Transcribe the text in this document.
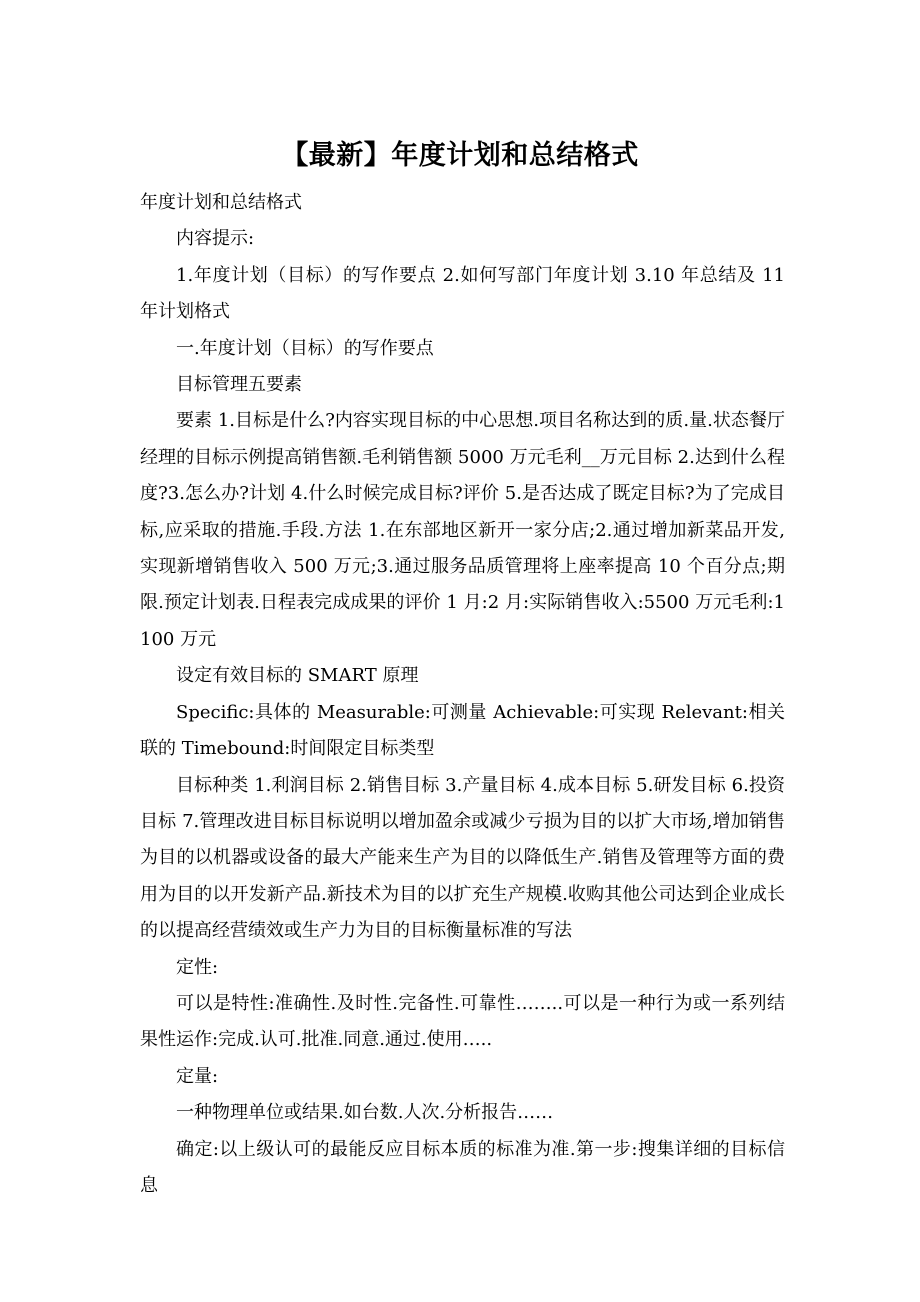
【最新】年度计划和总结格式

年度计划和总结格式

内容提示:

1.年度计划（目标）的写作要点 2.如何写部门年度计划 3.10 年总结及 11 年计划格式

一.年度计划（目标）的写作要点

目标管理五要素

要素 1.目标是什么?内容实现目标的中心思想.项目名称达到的质.量.状态餐厅经理的目标示例提高销售额.毛利销售额 5000 万元毛利__万元目标 2.达到什么程度?3.怎么办?计划 4.什么时候完成目标?评价 5.是否达成了既定目标?为了完成目标,应采取的措施.手段.方法 1.在东部地区新开一家分店;2.通过增加新菜品开发,实现新增销售收入 500 万元;3.通过服务品质管理将上座率提高 10 个百分点;期限.预定计划表.日程表完成成果的评价 1 月:2 月:实际销售收入:5500 万元毛利:1100 万元

设定有效目标的 SMART 原理

Specific:具体的 Measurable:可测量 Achievable:可实现 Relevant:相关联的 Timebound:时间限定目标类型

目标种类 1.利润目标 2.销售目标 3.产量目标 4.成本目标 5.研发目标 6.投资目标 7.管理改进目标目标说明以增加盈余或减少亏损为目的以扩大市场,增加销售为目的以机器或设备的最大产能来生产为目的以降低生产.销售及管理等方面的费用为目的以开发新产品.新技术为目的以扩充生产规模.收购其他公司达到企业成长的以提高经营绩效或生产力为目的目标衡量标准的写法

定性:

可以是特性:准确性.及时性.完备性.可靠性……..可以是一种行为或一系列结果性运作:完成.认可.批准.同意.通过.使用…..

定量:

一种物理单位或结果.如台数.人次.分析报告……

确定:以上级认可的最能反应目标本质的标准为准.第一步:搜集详细的目标信息
